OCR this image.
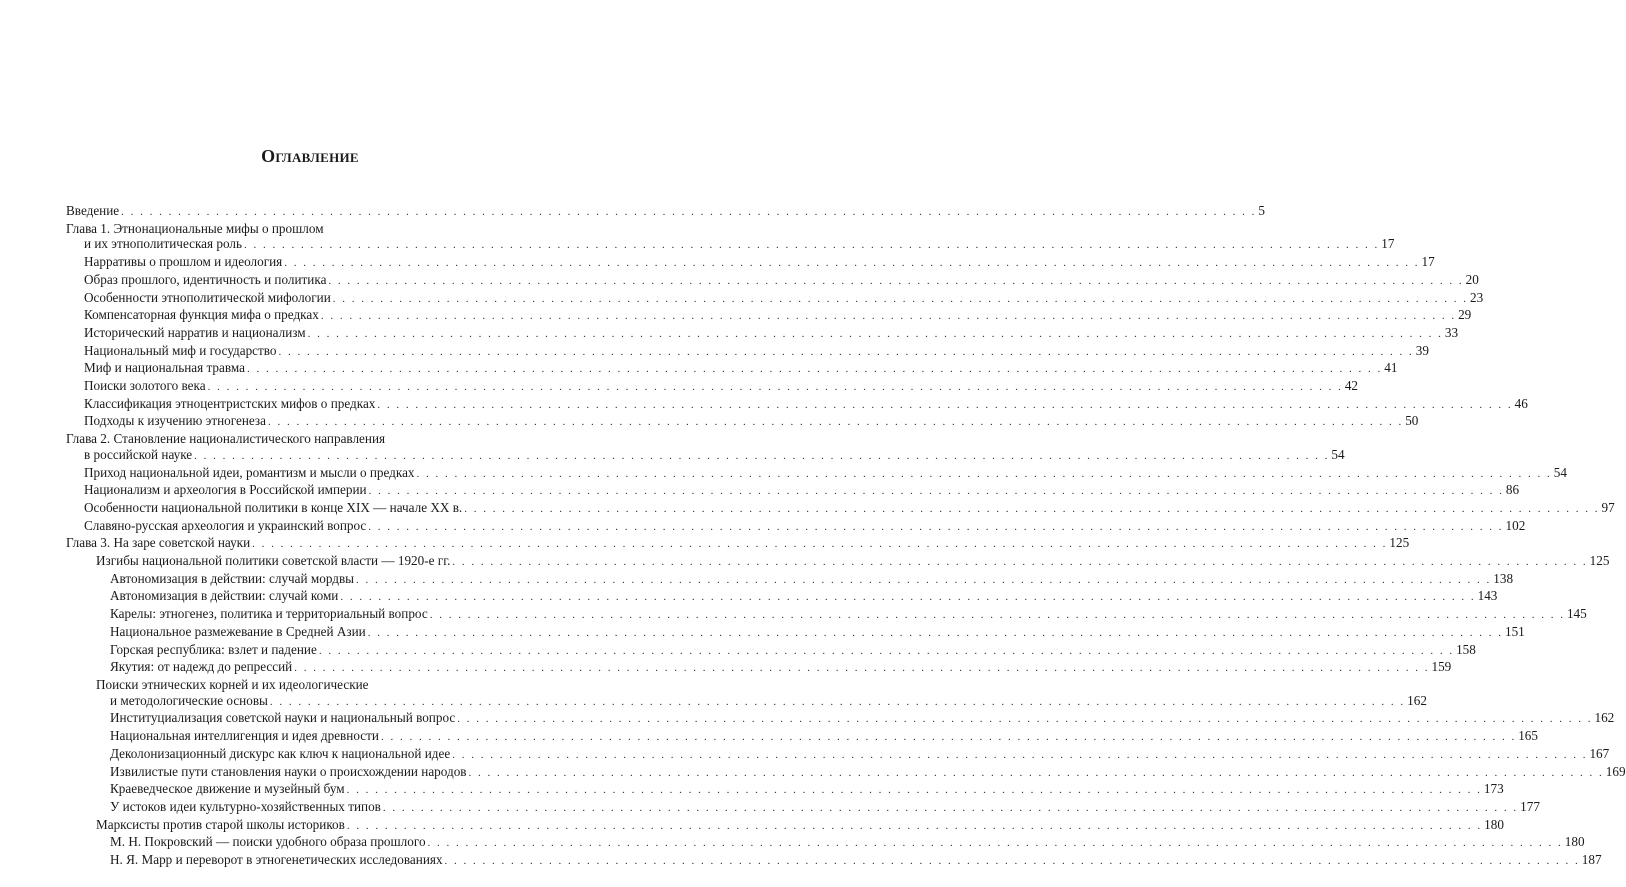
Оглавление
Введение . . . . . . . . . . . . . . . . . . . . . . . . . . . . . . . . . . . . . . . . . . . . . . . . . . . . . . . . . . . . . . . . . . . . . . . . . . . . . . . . . . . . . . . . . . . . . . . . . . . . . . . . . . . . . . . . . . . . . . . . 5
Глава 1. Этнонациональные мифы о прошлом
и их этнополитическая роль . . . . . . . . . . . . . . . . . . . . . . . . . . . . . . . . . . . . . . . . . . . . . . . . . . . . . . . . . . . . . . . . . . . . . . . . . . . . . . . . . . . . . . . . . . . . . . . . . . . . . . . . . . . . . . . . . . . . . . . . 17
Нарративы о прошлом и идеология . . . . . . . . . . . . . . . . . . . . . . . . . . . . . . . . . . . . . . . . . . . . . . . . . . . . . . . . . . . . . . . . . . . . . . . . . . . . . . . . . . . . . . . . . . . . . . . . . . . . . . . . . . . . . . . . . . . . . . . . 17
Образ прошлого, идентичность и политика . . . . . . . . . . . . . . . . . . . . . . . . . . . . . . . . . . . . . . . . . . . . . . . . . . . . . . . . . . . . . . . . . . . . . . . . . . . . . . . . . . . . . . . . . . . . . . . . . . . . . . . . . . . . . . . . . . . . . . . . 20
Особенности этнополитической мифологии . . . . . . . . . . . . . . . . . . . . . . . . . . . . . . . . . . . . . . . . . . . . . . . . . . . . . . . . . . . . . . . . . . . . . . . . . . . . . . . . . . . . . . . . . . . . . . . . . . . . . . . . . . . . . . . . . . . . . . . . 23
Компенсаторная функция мифа о предках . . . . . . . . . . . . . . . . . . . . . . . . . . . . . . . . . . . . . . . . . . . . . . . . . . . . . . . . . . . . . . . . . . . . . . . . . . . . . . . . . . . . . . . . . . . . . . . . . . . . . . . . . . . . . . . . . . . . . . . . 29
Исторический нарратив и национализм . . . . . . . . . . . . . . . . . . . . . . . . . . . . . . . . . . . . . . . . . . . . . . . . . . . . . . . . . . . . . . . . . . . . . . . . . . . . . . . . . . . . . . . . . . . . . . . . . . . . . . . . . . . . . . . . . . . . . . . . 33
Национальный миф и государство . . . . . . . . . . . . . . . . . . . . . . . . . . . . . . . . . . . . . . . . . . . . . . . . . . . . . . . . . . . . . . . . . . . . . . . . . . . . . . . . . . . . . . . . . . . . . . . . . . . . . . . . . . . . . . . . . . . . . . . . 39
Миф и национальная травма . . . . . . . . . . . . . . . . . . . . . . . . . . . . . . . . . . . . . . . . . . . . . . . . . . . . . . . . . . . . . . . . . . . . . . . . . . . . . . . . . . . . . . . . . . . . . . . . . . . . . . . . . . . . . . . . . . . . . . . . 41
Поиски золотого века . . . . . . . . . . . . . . . . . . . . . . . . . . . . . . . . . . . . . . . . . . . . . . . . . . . . . . . . . . . . . . . . . . . . . . . . . . . . . . . . . . . . . . . . . . . . . . . . . . . . . . . . . . . . . . . . . . . . . . . . 42
Классификация этноцентристских мифов о предках . . . . . . . . . . . . . . . . . . . . . . . . . . . . . . . . . . . . . . . . . . . . . . . . . . . . . . . . . . . . . . . . . . . . . . . . . . . . . . . . . . . . . . . . . . . . . . . . . . . . . . . . . . . . . . . . . . . . . . . . 46
Подходы к изучению этногенеза . . . . . . . . . . . . . . . . . . . . . . . . . . . . . . . . . . . . . . . . . . . . . . . . . . . . . . . . . . . . . . . . . . . . . . . . . . . . . . . . . . . . . . . . . . . . . . . . . . . . . . . . . . . . . . . . . . . . . . . . 50
Глава 2. Становление националистического направления
в российской науке . . . . . . . . . . . . . . . . . . . . . . . . . . . . . . . . . . . . . . . . . . . . . . . . . . . . . . . . . . . . . . . . . . . . . . . . . . . . . . . . . . . . . . . . . . . . . . . . . . . . . . . . . . . . . . . . . . . . . . . . 54
Приход национальной идеи, романтизм и мысли о предках . . . . . . . . . . . . . . . . . . . . . . . . . . . . . . . . . . . . . . . . . . . . . . . . . . . . . . . . . . . . . . . . . . . . . . . . . . . . . . . . . . . . . . . . . . . . . . . . . . . . . . . . . . . . . . . . . . . . . . . . 54
Национализм и археология в Российской империи . . . . . . . . . . . . . . . . . . . . . . . . . . . . . . . . . . . . . . . . . . . . . . . . . . . . . . . . . . . . . . . . . . . . . . . . . . . . . . . . . . . . . . . . . . . . . . . . . . . . . . . . . . . . . . . . . . . . . . . . 86
Особенности национальной политики в конце XIX — начале XX в. . . . . . . . . . . . . . . . . . . . . . . . . . . . . . . . . . . . . . . . . . . . . . . . . . . . . . . . . . . . . . . . . . . . . . . . . . . . . . . . . . . . . . . . . . . . . . . . . . . . . . . . . . . . . . . . . . . . . . . . . 97
Славяно-русская археология и украинский вопрос . . . . . . . . . . . . . . . . . . . . . . . . . . . . . . . . . . . . . . . . . . . . . . . . . . . . . . . . . . . . . . . . . . . . . . . . . . . . . . . . . . . . . . . . . . . . . . . . . . . . . . . . . . . . . . . . . . . . . . . . 102
Глава 3. На заре советской науки . . . . . . . . . . . . . . . . . . . . . . . . . . . . . . . . . . . . . . . . . . . . . . . . . . . . . . . . . . . . . . . . . . . . . . . . . . . . . . . . . . . . . . . . . . . . . . . . . . . . . . . . . . . . . . . . . . . . . . . . 125
Изгибы национальной политики советской власти — 1920-е гг. . . . . . . . . . . . . . . . . . . . . . . . . . . . . . . . . . . . . . . . . . . . . . . . . . . . . . . . . . . . . . . . . . . . . . . . . . . . . . . . . . . . . . . . . . . . . . . . . . . . . . . . . . . . . . . . . . . . . . . . . 125
Автономизация в действии: случай мордвы . . . . . . . . . . . . . . . . . . . . . . . . . . . . . . . . . . . . . . . . . . . . . . . . . . . . . . . . . . . . . . . . . . . . . . . . . . . . . . . . . . . . . . . . . . . . . . . . . . . . . . . . . . . . . . . . . . . . . . . . 138
Автономизация в действии: случай коми . . . . . . . . . . . . . . . . . . . . . . . . . . . . . . . . . . . . . . . . . . . . . . . . . . . . . . . . . . . . . . . . . . . . . . . . . . . . . . . . . . . . . . . . . . . . . . . . . . . . . . . . . . . . . . . . . . . . . . . . 143
Карелы: этногенез, политика и территориальный вопрос . . . . . . . . . . . . . . . . . . . . . . . . . . . . . . . . . . . . . . . . . . . . . . . . . . . . . . . . . . . . . . . . . . . . . . . . . . . . . . . . . . . . . . . . . . . . . . . . . . . . . . . . . . . . . . . . . . . . . . . . 145
Национальное размежевание в Средней Азии . . . . . . . . . . . . . . . . . . . . . . . . . . . . . . . . . . . . . . . . . . . . . . . . . . . . . . . . . . . . . . . . . . . . . . . . . . . . . . . . . . . . . . . . . . . . . . . . . . . . . . . . . . . . . . . . . . . . . . . . 151
Горская республика: взлет и падение . . . . . . . . . . . . . . . . . . . . . . . . . . . . . . . . . . . . . . . . . . . . . . . . . . . . . . . . . . . . . . . . . . . . . . . . . . . . . . . . . . . . . . . . . . . . . . . . . . . . . . . . . . . . . . . . . . . . . . . . 158
Якутия: от надежд до репрессий . . . . . . . . . . . . . . . . . . . . . . . . . . . . . . . . . . . . . . . . . . . . . . . . . . . . . . . . . . . . . . . . . . . . . . . . . . . . . . . . . . . . . . . . . . . . . . . . . . . . . . . . . . . . . . . . . . . . . . . . 159
Поиски этнических корней и их идеологические
и методологические основы . . . . . . . . . . . . . . . . . . . . . . . . . . . . . . . . . . . . . . . . . . . . . . . . . . . . . . . . . . . . . . . . . . . . . . . . . . . . . . . . . . . . . . . . . . . . . . . . . . . . . . . . . . . . . . . . . . . . . . . . 162
Институциализация советской науки и национальный вопрос . . . . . . . . . . . . . . . . . . . . . . . . . . . . . . . . . . . . . . . . . . . . . . . . . . . . . . . . . . . . . . . . . . . . . . . . . . . . . . . . . . . . . . . . . . . . . . . . . . . . . . . . . . . . . . . . . . . . . . . . 162
Национальная интеллигенция и идея древности . . . . . . . . . . . . . . . . . . . . . . . . . . . . . . . . . . . . . . . . . . . . . . . . . . . . . . . . . . . . . . . . . . . . . . . . . . . . . . . . . . . . . . . . . . . . . . . . . . . . . . . . . . . . . . . . . . . . . . . . 165
Деколонизационный дискурс как ключ к национальной идее . . . . . . . . . . . . . . . . . . . . . . . . . . . . . . . . . . . . . . . . . . . . . . . . . . . . . . . . . . . . . . . . . . . . . . . . . . . . . . . . . . . . . . . . . . . . . . . . . . . . . . . . . . . . . . . . . . . . . . . . 167
Извилистые пути становления науки о происхождении народов . . . . . . . . . . . . . . . . . . . . . . . . . . . . . . . . . . . . . . . . . . . . . . . . . . . . . . . . . . . . . . . . . . . . . . . . . . . . . . . . . . . . . . . . . . . . . . . . . . . . . . . . . . . . . . . . . . . . . . . . 169
Краеведческое движение и музейный бум . . . . . . . . . . . . . . . . . . . . . . . . . . . . . . . . . . . . . . . . . . . . . . . . . . . . . . . . . . . . . . . . . . . . . . . . . . . . . . . . . . . . . . . . . . . . . . . . . . . . . . . . . . . . . . . . . . . . . . . . 173
У истоков идеи культурно-хозяйственных типов . . . . . . . . . . . . . . . . . . . . . . . . . . . . . . . . . . . . . . . . . . . . . . . . . . . . . . . . . . . . . . . . . . . . . . . . . . . . . . . . . . . . . . . . . . . . . . . . . . . . . . . . . . . . . . . . . . . . . . . . 177
Марксисты против старой школы историков . . . . . . . . . . . . . . . . . . . . . . . . . . . . . . . . . . . . . . . . . . . . . . . . . . . . . . . . . . . . . . . . . . . . . . . . . . . . . . . . . . . . . . . . . . . . . . . . . . . . . . . . . . . . . . . . . . . . . . . . 180
М. Н. Покровский — поиски удобного образа прошлого . . . . . . . . . . . . . . . . . . . . . . . . . . . . . . . . . . . . . . . . . . . . . . . . . . . . . . . . . . . . . . . . . . . . . . . . . . . . . . . . . . . . . . . . . . . . . . . . . . . . . . . . . . . . . . . . . . . . . . . . 180
Н. Я. Марр и переворот в этногенетических исследованиях . . . . . . . . . . . . . . . . . . . . . . . . . . . . . . . . . . . . . . . . . . . . . . . . . . . . . . . . . . . . . . . . . . . . . . . . . . . . . . . . . . . . . . . . . . . . . . . . . . . . . . . . . . . . . . . . . . . . . . . . 187
